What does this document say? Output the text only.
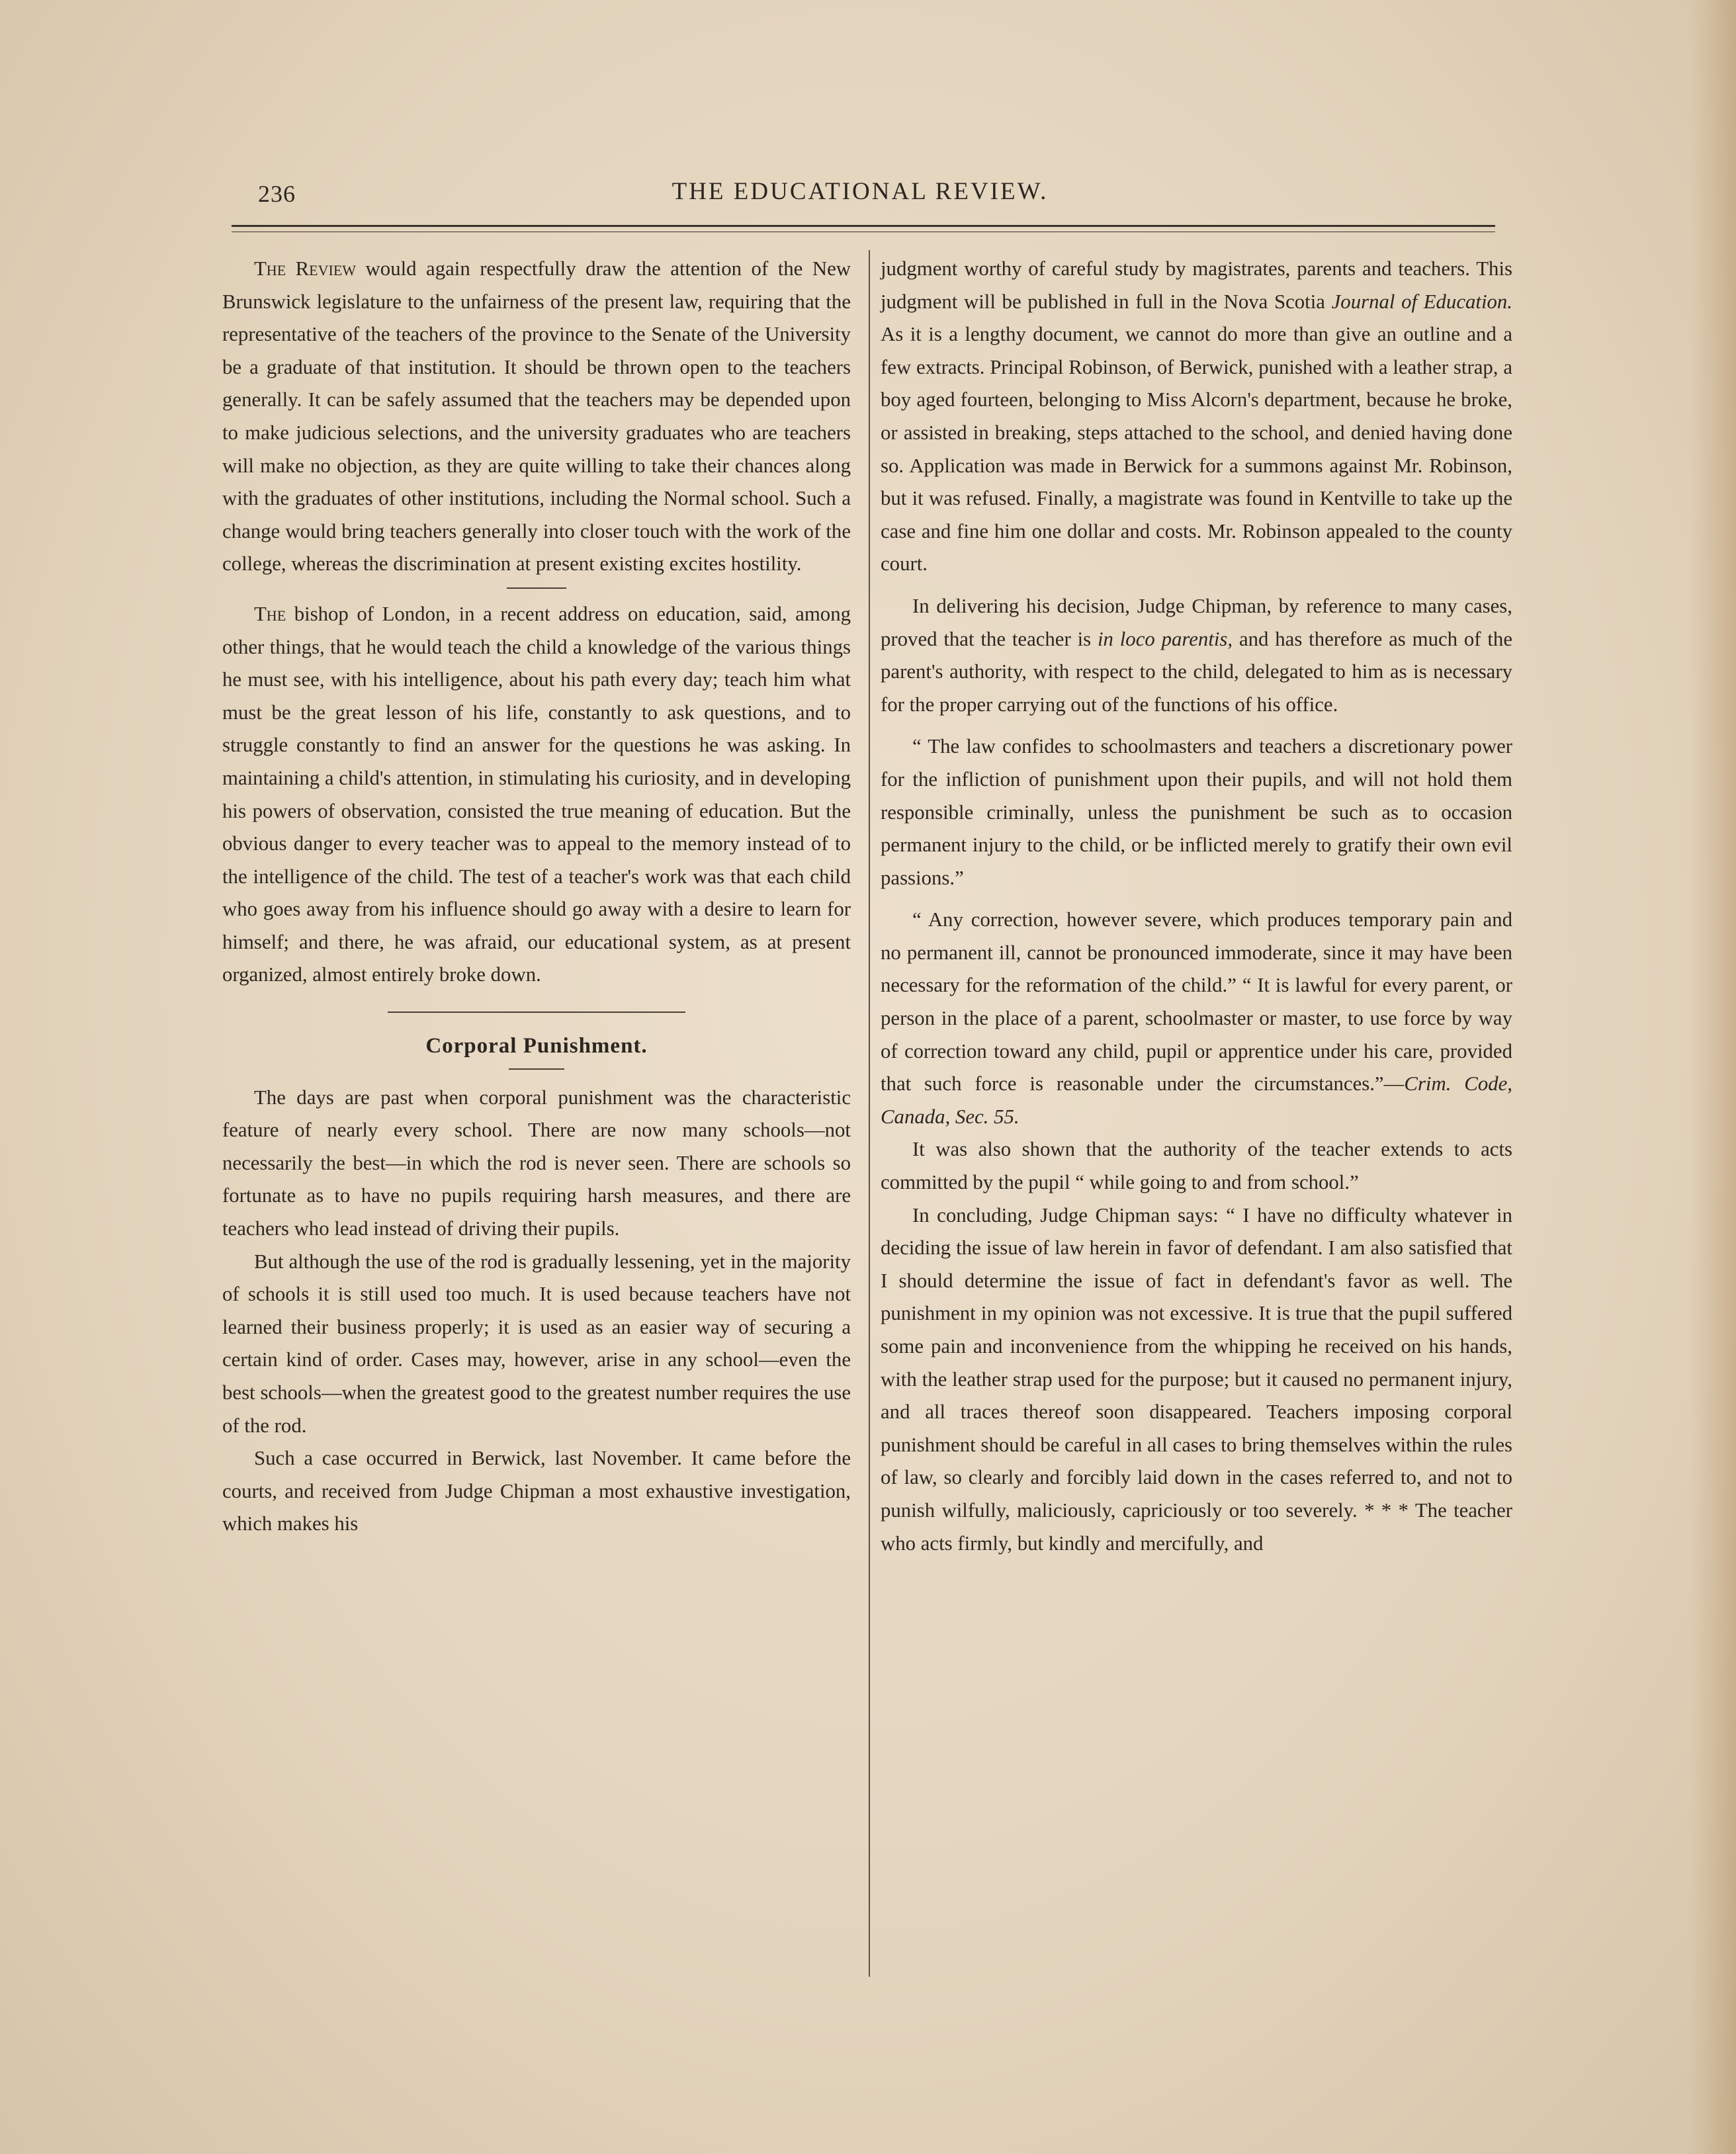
236	THE EDUCATIONAL REVIEW.

The Review would again respectfully draw the attention of the New Brunswick legislature to the unfairness of the present law, requiring that the representative of the teachers of the province to the Senate of the University be a graduate of that institution. It should be thrown open to the teachers generally. It can be safely assumed that the teachers may be depended upon to make judicious selections, and the university graduates who are teachers will make no objection, as they are quite willing to take their chances along with the graduates of other institutions, including the Normal school. Such a change would bring teachers generally into closer touch with the work of the college, whereas the discrimination at present existing excites hostility.

The bishop of London, in a recent address on education, said, among other things, that he would teach the child a knowledge of the various things he must see, with his intelligence, about his path every day; teach him what must be the great lesson of his life, constantly to ask questions, and to struggle constantly to find an answer for the questions he was asking. In maintaining a child's attention, in stimulating his curiosity, and in developing his powers of observation, consisted the true meaning of education. But the obvious danger to every teacher was to appeal to the memory instead of to the intelligence of the child. The test of a teacher's work was that each child who goes away from his influence should go away with a desire to learn for himself; and there, he was afraid, our educational system, as at present organized, almost entirely broke down.

Corporal Punishment.

The days are past when corporal punishment was the characteristic feature of nearly every school. There are now many schools—not necessarily the best—in which the rod is never seen. There are schools so fortunate as to have no pupils requiring harsh measures, and there are teachers who lead instead of driving their pupils.

But although the use of the rod is gradually lessening, yet in the majority of schools it is still used too much. It is used because teachers have not learned their business properly; it is used as an easier way of securing a certain kind of order. Cases may, however, arise in any school—even the best schools—when the greatest good to the greatest number requires the use of the rod.

Such a case occurred in Berwick, last November. It came before the courts, and received from Judge Chipman a most exhaustive investigation, which makes his

judgment worthy of careful study by magistrates, parents and teachers. This judgment will be published in full in the Nova Scotia Journal of Education. As it is a lengthy document, we cannot do more than give an outline and a few extracts. Principal Robinson, of Berwick, punished with a leather strap, a boy aged fourteen, belonging to Miss Alcorn's department, because he broke, or assisted in breaking, steps attached to the school, and denied having done so. Application was made in Berwick for a summons against Mr. Robinson, but it was refused. Finally, a magistrate was found in Kentville to take up the case and fine him one dollar and costs. Mr. Robinson appealed to the county court.

In delivering his decision, Judge Chipman, by reference to many cases, proved that the teacher is in loco parentis, and has therefore as much of the parent's authority, with respect to the child, delegated to him as is necessary for the proper carrying out of the functions of his office.

“ The law confides to schoolmasters and teachers a discretionary power for the infliction of punishment upon their pupils, and will not hold them responsible criminally, unless the punishment be such as to occasion permanent injury to the child, or be inflicted merely to gratify their own evil passions.”

“ Any correction, however severe, which produces temporary pain and no permanent ill, cannot be pronounced immoderate, since it may have been necessary for the reformation of the child.” “ It is lawful for every parent, or person in the place of a parent, schoolmaster or master, to use force by way of correction toward any child, pupil or apprentice under his care, provided that such force is reasonable under the circumstances.”—Crim. Code, Canada, Sec. 55.

It was also shown that the authority of the teacher extends to acts committed by the pupil “ while going to and from school.”

In concluding, Judge Chipman says: “ I have no difficulty whatever in deciding the issue of law herein in favor of defendant. I am also satisfied that I should determine the issue of fact in defendant's favor as well. The punishment in my opinion was not excessive. It is true that the pupil suffered some pain and inconvenience from the whipping he received on his hands, with the leather strap used for the purpose; but it caused no permanent injury, and all traces thereof soon disappeared. Teachers imposing corporal punishment should be careful in all cases to bring themselves within the rules of law, so clearly and forcibly laid down in the cases referred to, and not to punish wilfully, maliciously, capriciously or too severely. * * * The teacher who acts firmly, but kindly and mercifully, and
